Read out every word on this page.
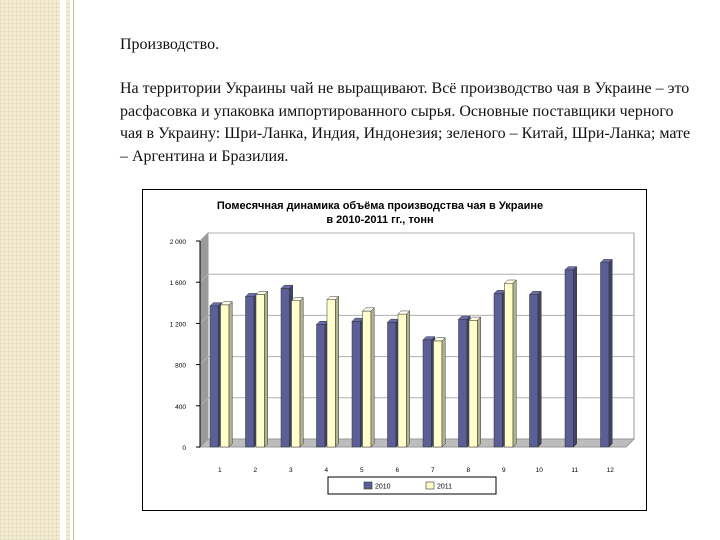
Производство.
На территории Украины чай не выращивают. Всё производство чая в Украине – это расфасовка и упаковка импортированного сырья. Основные поставщики черного чая в Украину: Шри-Ланка, Индия, Индонезия; зеленого – Китай, Шри-Ланка; мате – Аргентина и Бразилия.
Помесячная динамика объёма производства чая в Украине
в 2010-2011 гг., тонн
0
400
800
1 200
1 600
2 000
1	2	3	4	5	6	7	8	9	10	11	12
2010	2011
